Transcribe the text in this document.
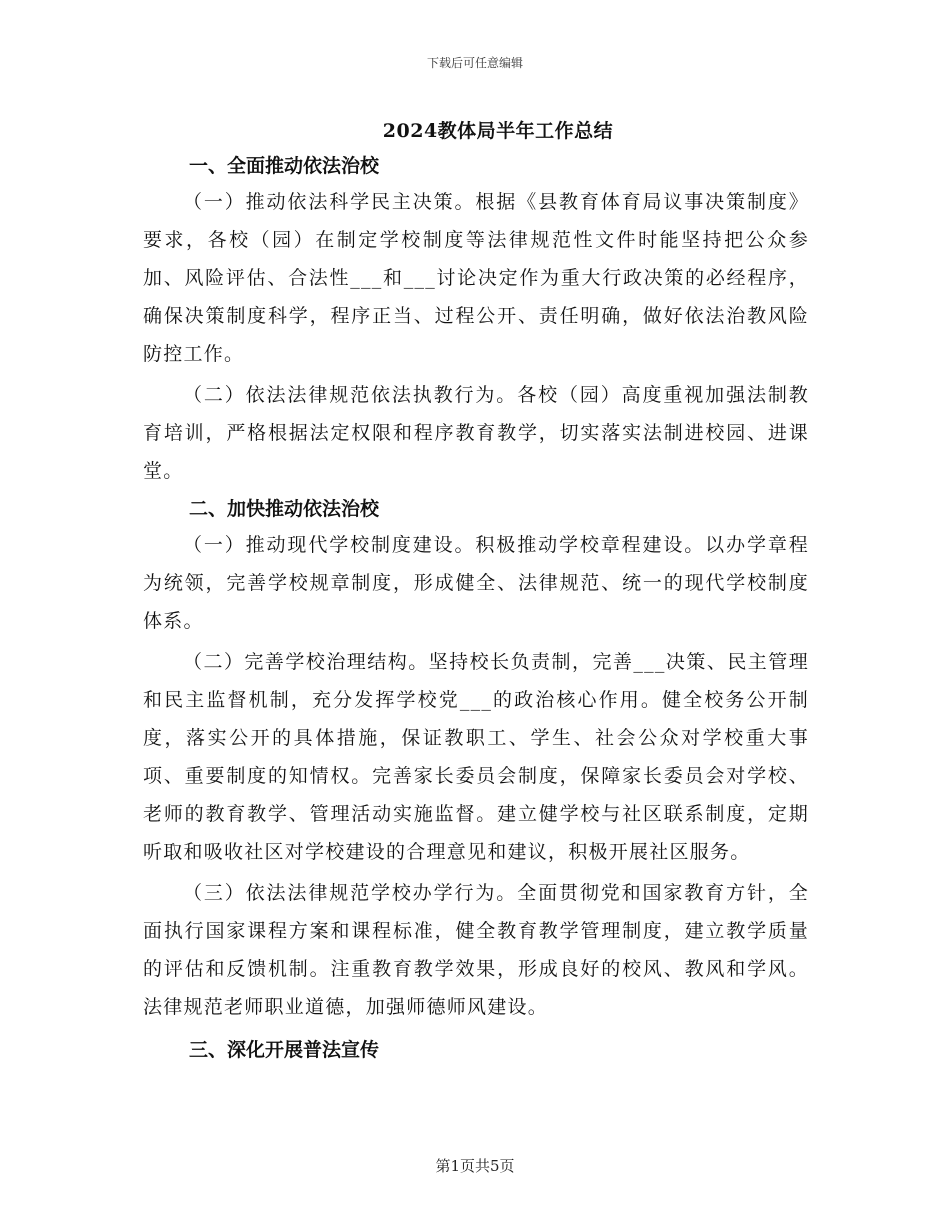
下载后可任意编辑
2024教体局半年工作总结
一、全面推动依法治校

（一）推动依法科学民主决策。根据《县教育体育局议事决策制度》要求，各校（园）在制定学校制度等法律规范性文件时能坚持把公众参加、风险评估、合法性___和___讨论决定作为重大行政决策的必经程序，确保决策制度科学，程序正当、过程公开、责任明确，做好依法治教风险防控工作。

（二）依法法律规范依法执教行为。各校（园）高度重视加强法制教育培训，严格根据法定权限和程序教育教学，切实落实法制进校园、进课堂。

二、加快推动依法治校

（一）推动现代学校制度建设。积极推动学校章程建设。以办学章程为统领，完善学校规章制度，形成健全、法律规范、统一的现代学校制度体系。

（二）完善学校治理结构。坚持校长负责制，完善___决策、民主管理和民主监督机制，充分发挥学校党___的政治核心作用。健全校务公开制度，落实公开的具体措施，保证教职工、学生、社会公众对学校重大事项、重要制度的知情权。完善家长委员会制度，保障家长委员会对学校、老师的教育教学、管理活动实施监督。建立健学校与社区联系制度，定期听取和吸收社区对学校建设的合理意见和建议，积极开展社区服务。

（三）依法法律规范学校办学行为。全面贯彻党和国家教育方针，全面执行国家课程方案和课程标准，健全教育教学管理制度，建立教学质量的评估和反馈机制。注重教育教学效果，形成良好的校风、教风和学风。法律规范老师职业道德，加强师德师风建设。

三、深化开展普法宣传
第1页共5页
